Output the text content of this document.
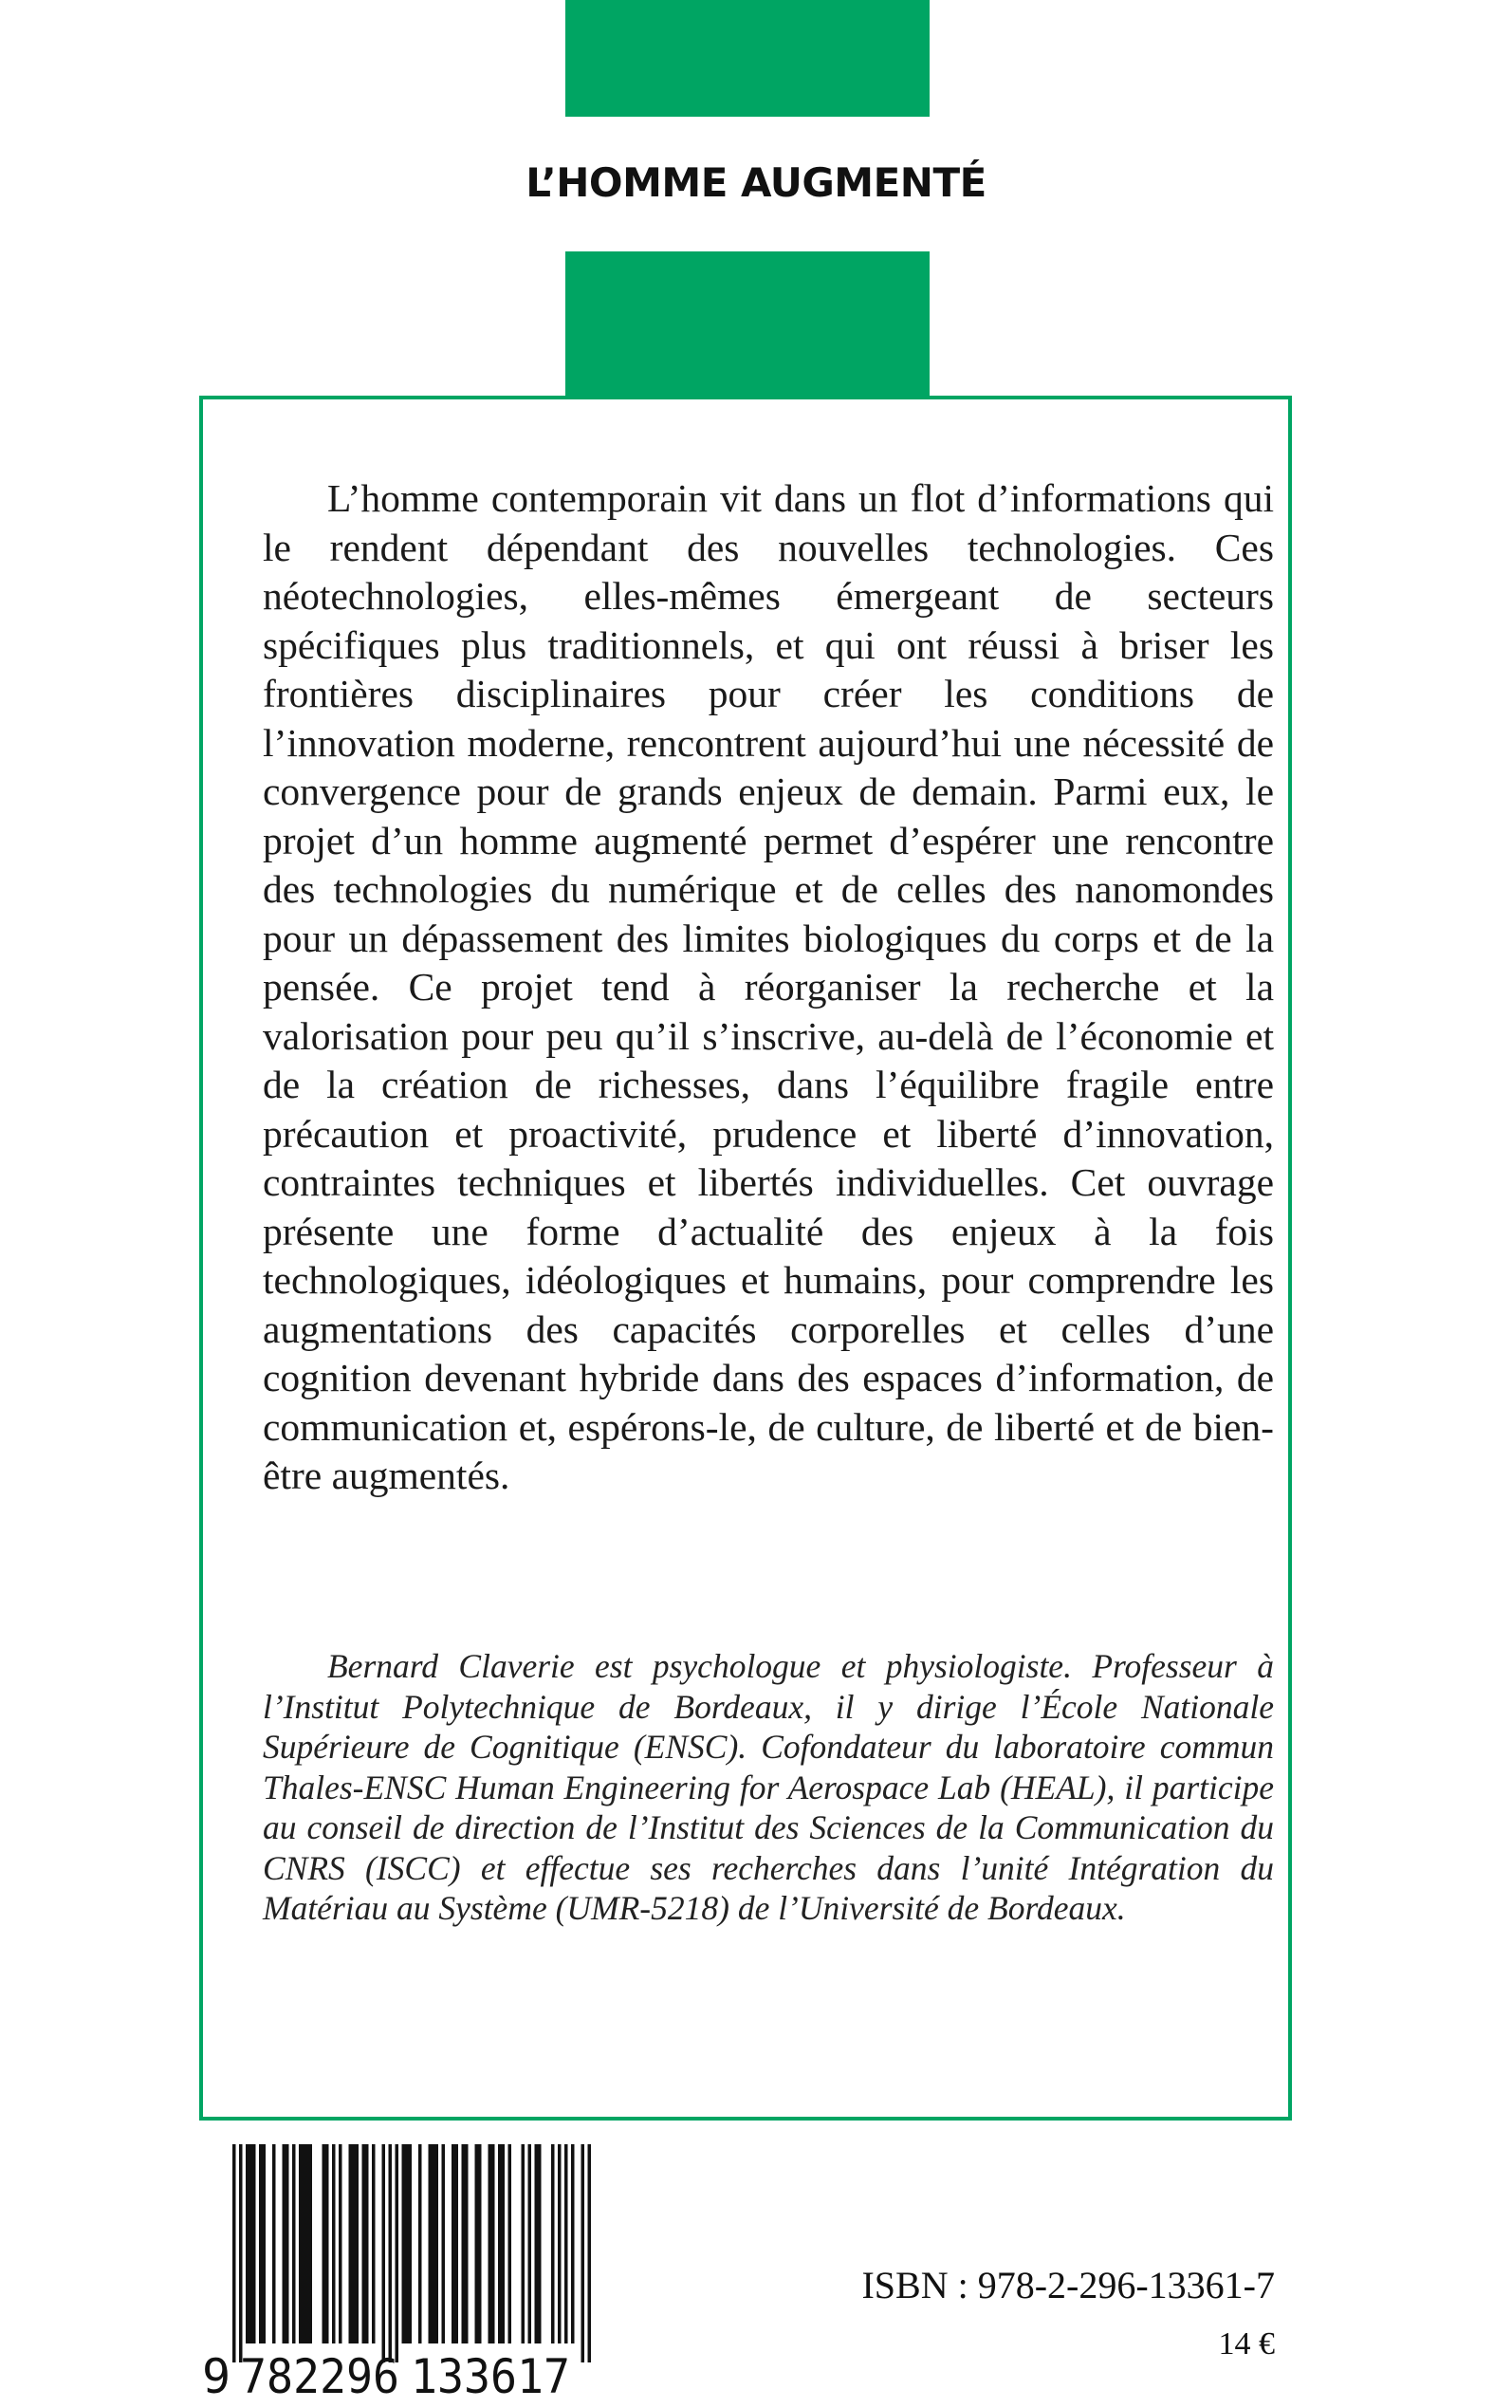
L’HOMME AUGMENTÉ

L’homme contemporain vit dans un flot d’informations qui le rendent dépendant des nouvelles technologies. Ces néotechnologies, elles-mêmes émergeant de secteurs spécifiques plus traditionnels, et qui ont réussi à briser les frontières disciplinaires pour créer les conditions de l’innovation moderne, rencontrent aujourd’hui une nécessité de convergence pour de grands enjeux de demain. Parmi eux, le projet d’un homme augmenté permet d’espérer une rencontre des technologies du numérique et de celles des nanomondes pour un dépassement des limites biologiques du corps et de la pensée. Ce projet tend à réorganiser la recherche et la valorisation pour peu qu’il s’inscrive, au-delà de l’économie et de la création de richesses, dans l’équilibre fragile entre précaution et proactivité, prudence et liberté d’innovation, contraintes techniques et libertés individuelles. Cet ouvrage présente une forme d’actualité des enjeux à la fois technologiques, idéologiques et humains, pour comprendre les augmentations des capacités corporelles et celles d’une cognition devenant hybride dans des espaces d’information, de communication et, espérons-le, de culture, de liberté et de bien-être augmentés.

Bernard Claverie est psychologue et physiologiste. Professeur à l’Institut Polytechnique de Bordeaux, il y dirige l’École Nationale Supérieure de Cognitique (ENSC). Cofondateur du laboratoire commun Thales-ENSC Human Engineering for Aerospace Lab (HEAL), il participe au conseil de direction de l’Institut des Sciences de la Communication du CNRS (ISCC) et effectue ses recherches dans l’unité Intégration du Matériau au Système (UMR-5218) de l’Université de Bordeaux.

9 782296 133617
ISBN : 978-2-296-13361-7
14 €
